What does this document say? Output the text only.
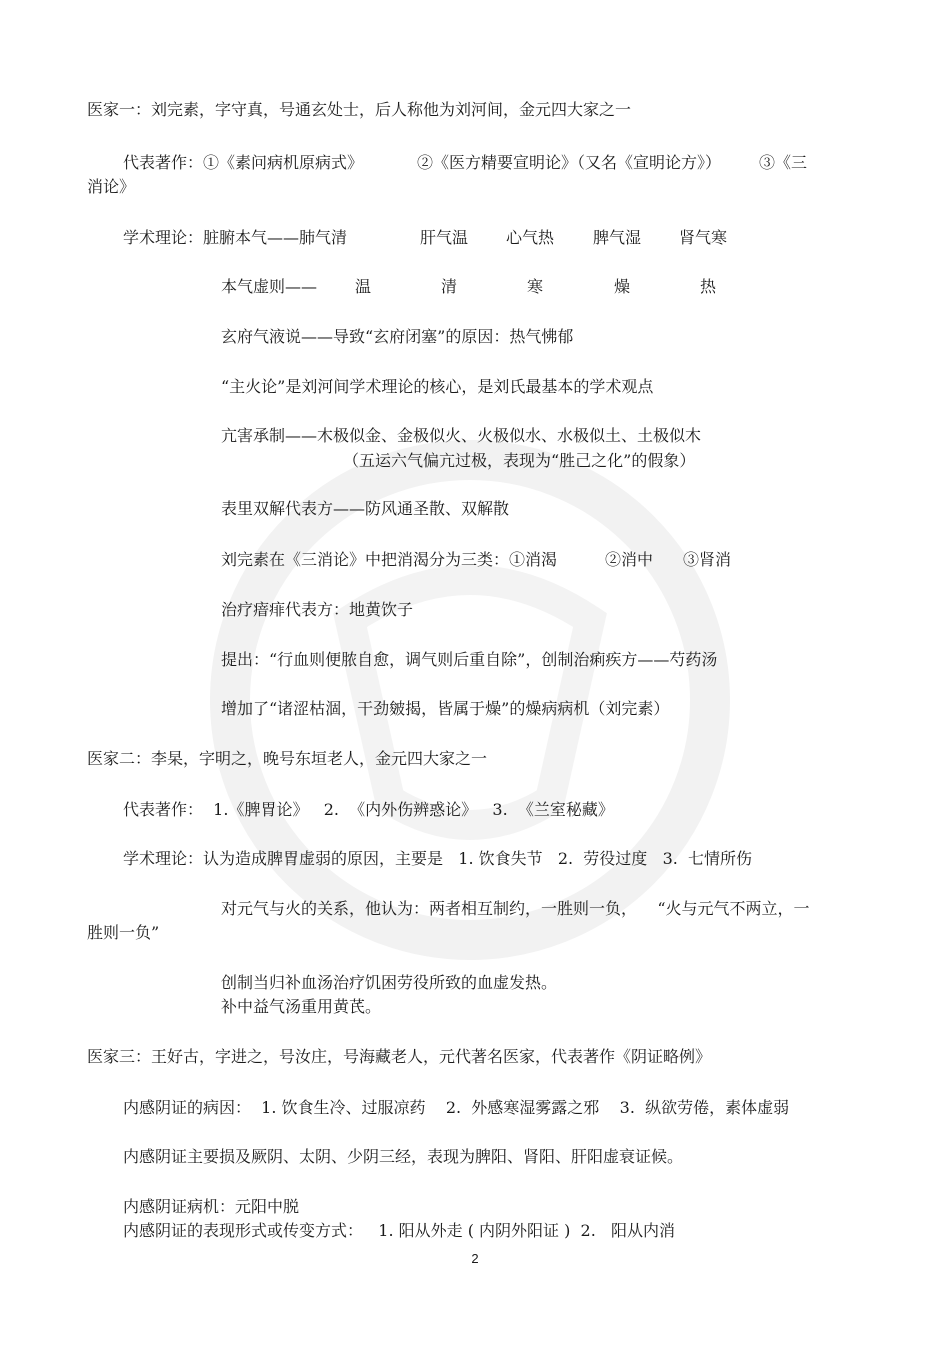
医家一：刘完素，字守真，号通玄处士，后人称他为刘河间，金元四大家之一
代表著作：①《素问病机原病式》	②《医方精要宣明论》（又名《宣明论方》） ③《三
消论》
学术理论：脏腑本气——肺气清	肝气温 心气热 脾气湿 肾气寒
本气虚则—— 温	清	寒	燥	热
玄府气液说——导致“玄府闭塞”的原因：热气怫郁
“主火论”是刘河间学术理论的核心，是刘氏最基本的学术观点
亢害承制——木极似金、金极似火、火极似水、水极似土、土极似木
（五运六气偏亢过极，表现为“胜己之化”的假象）
表里双解代表方——防风通圣散、双解散
刘完素在《三消论》中把消渴分为三类：①消渴	②消中 ③肾消
治疗瘖痱代表方：地黄饮子
提出：“行血则便脓自愈，调气则后重自除”，创制治痢疾方——芍药汤
增加了“诸涩枯涸，干劲皴揭，皆属于燥”的燥病病机（刘完素）
医家二：李杲，字明之，晚号东垣老人，金元四大家之一
代表著作：  1.《脾胃论》   2.  《内外伤辨惑论》   3.  《兰室秘藏》
学术理论：认为造成脾胃虚弱的原因，主要是   1. 饮食失节   2.  劳役过度   3.  七情所伤
对元气与火的关系，他认为：两者相互制约，一胜则一负，    “火与元气不两立，一
胜则一负”
创制当归补血汤治疗饥困劳役所致的血虚发热。
补中益气汤重用黄芪。
医家三：王好古，字进之，号汝庄，号海藏老人，元代著名医家，代表著作《阴证略例》
内感阴证的病因：  1. 饮食生冷、过服凉药    2.  外感寒湿雾露之邪    3.  纵欲劳倦，素体虚弱
内感阴证主要损及厥阴、太阴、少阴三经，表现为脾阳、肾阳、肝阳虚衰证候。
内感阴证病机：元阳中脱
内感阴证的表现形式或传变方式：   1. 阳从外走 ( 内阴外阳证 )  2.   阳从内消
2
